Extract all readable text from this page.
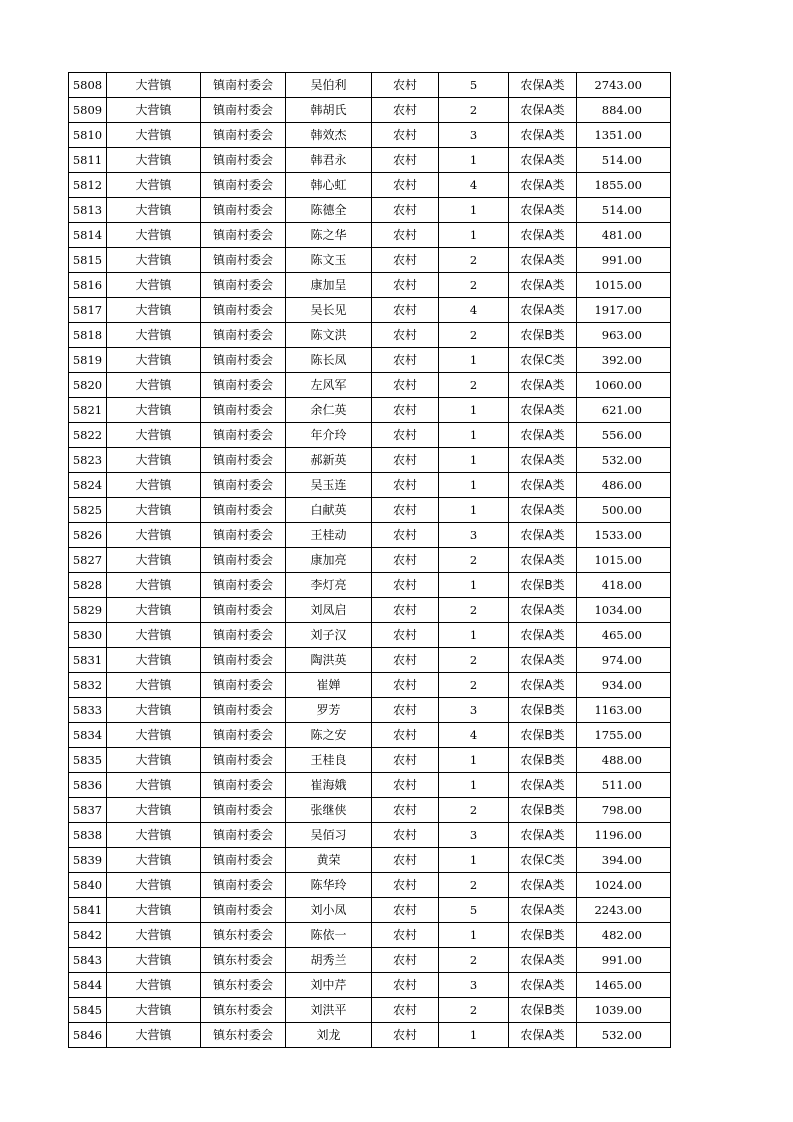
5808	大营镇	镇南村委会	吴伯利	农村	5	农保A类	2743.00
5809	大营镇	镇南村委会	韩胡氏	农村	2	农保A类	884.00
5810	大营镇	镇南村委会	韩效杰	农村	3	农保A类	1351.00
5811	大营镇	镇南村委会	韩君永	农村	1	农保A类	514.00
5812	大营镇	镇南村委会	韩心虹	农村	4	农保A类	1855.00
5813	大营镇	镇南村委会	陈德全	农村	1	农保A类	514.00
5814	大营镇	镇南村委会	陈之华	农村	1	农保A类	481.00
5815	大营镇	镇南村委会	陈文玉	农村	2	农保A类	991.00
5816	大营镇	镇南村委会	康加呈	农村	2	农保A类	1015.00
5817	大营镇	镇南村委会	吴长见	农村	4	农保A类	1917.00
5818	大营镇	镇南村委会	陈文洪	农村	2	农保B类	963.00
5819	大营镇	镇南村委会	陈长凤	农村	1	农保C类	392.00
5820	大营镇	镇南村委会	左风军	农村	2	农保A类	1060.00
5821	大营镇	镇南村委会	余仁英	农村	1	农保A类	621.00
5822	大营镇	镇南村委会	年介玲	农村	1	农保A类	556.00
5823	大营镇	镇南村委会	郝新英	农村	1	农保A类	532.00
5824	大营镇	镇南村委会	吴玉连	农村	1	农保A类	486.00
5825	大营镇	镇南村委会	白献英	农村	1	农保A类	500.00
5826	大营镇	镇南村委会	王桂动	农村	3	农保A类	1533.00
5827	大营镇	镇南村委会	康加亮	农村	2	农保A类	1015.00
5828	大营镇	镇南村委会	李灯亮	农村	1	农保B类	418.00
5829	大营镇	镇南村委会	刘凤启	农村	2	农保A类	1034.00
5830	大营镇	镇南村委会	刘子汉	农村	1	农保A类	465.00
5831	大营镇	镇南村委会	陶洪英	农村	2	农保A类	974.00
5832	大营镇	镇南村委会	崔婵	农村	2	农保A类	934.00
5833	大营镇	镇南村委会	罗芳	农村	3	农保B类	1163.00
5834	大营镇	镇南村委会	陈之安	农村	4	农保B类	1755.00
5835	大营镇	镇南村委会	王桂良	农村	1	农保B类	488.00
5836	大营镇	镇南村委会	崔海娥	农村	1	农保A类	511.00
5837	大营镇	镇南村委会	张继侠	农村	2	农保B类	798.00
5838	大营镇	镇南村委会	吴佰习	农村	3	农保A类	1196.00
5839	大营镇	镇南村委会	黄荣	农村	1	农保C类	394.00
5840	大营镇	镇南村委会	陈华玲	农村	2	农保A类	1024.00
5841	大营镇	镇南村委会	刘小凤	农村	5	农保A类	2243.00
5842	大营镇	镇东村委会	陈依一	农村	1	农保B类	482.00
5843	大营镇	镇东村委会	胡秀兰	农村	2	农保A类	991.00
5844	大营镇	镇东村委会	刘中芹	农村	3	农保A类	1465.00
5845	大营镇	镇东村委会	刘洪平	农村	2	农保B类	1039.00
5846	大营镇	镇东村委会	刘龙	农村	1	农保A类	532.00
